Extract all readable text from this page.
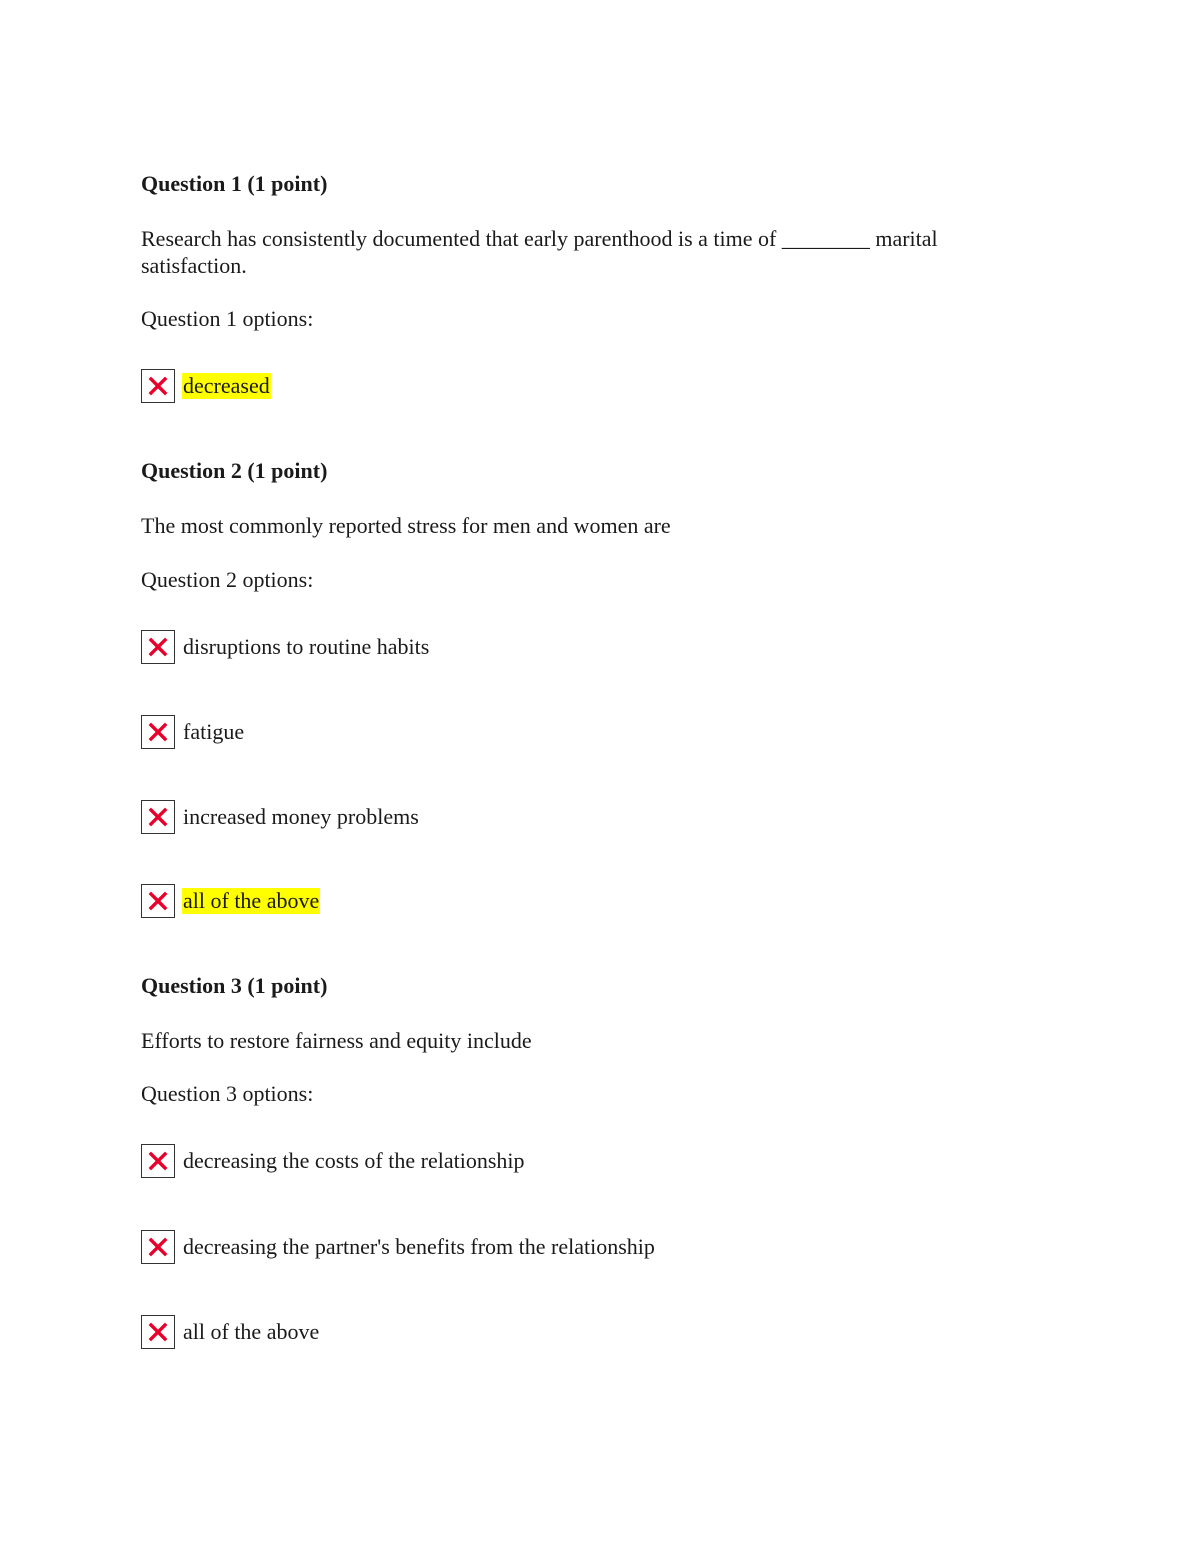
Question 1 (1 point)
Research has consistently documented that early parenthood is a time of ________ marital satisfaction.
Question 1 options:
decreased
Question 2 (1 point)
The most commonly reported stress for men and women are
Question 2 options:
disruptions to routine habits
fatigue
increased money problems
all of the above
Question 3 (1 point)
Efforts to restore fairness and equity include
Question 3 options:
decreasing the costs of the relationship
decreasing the partner's benefits from the relationship
all of the above
